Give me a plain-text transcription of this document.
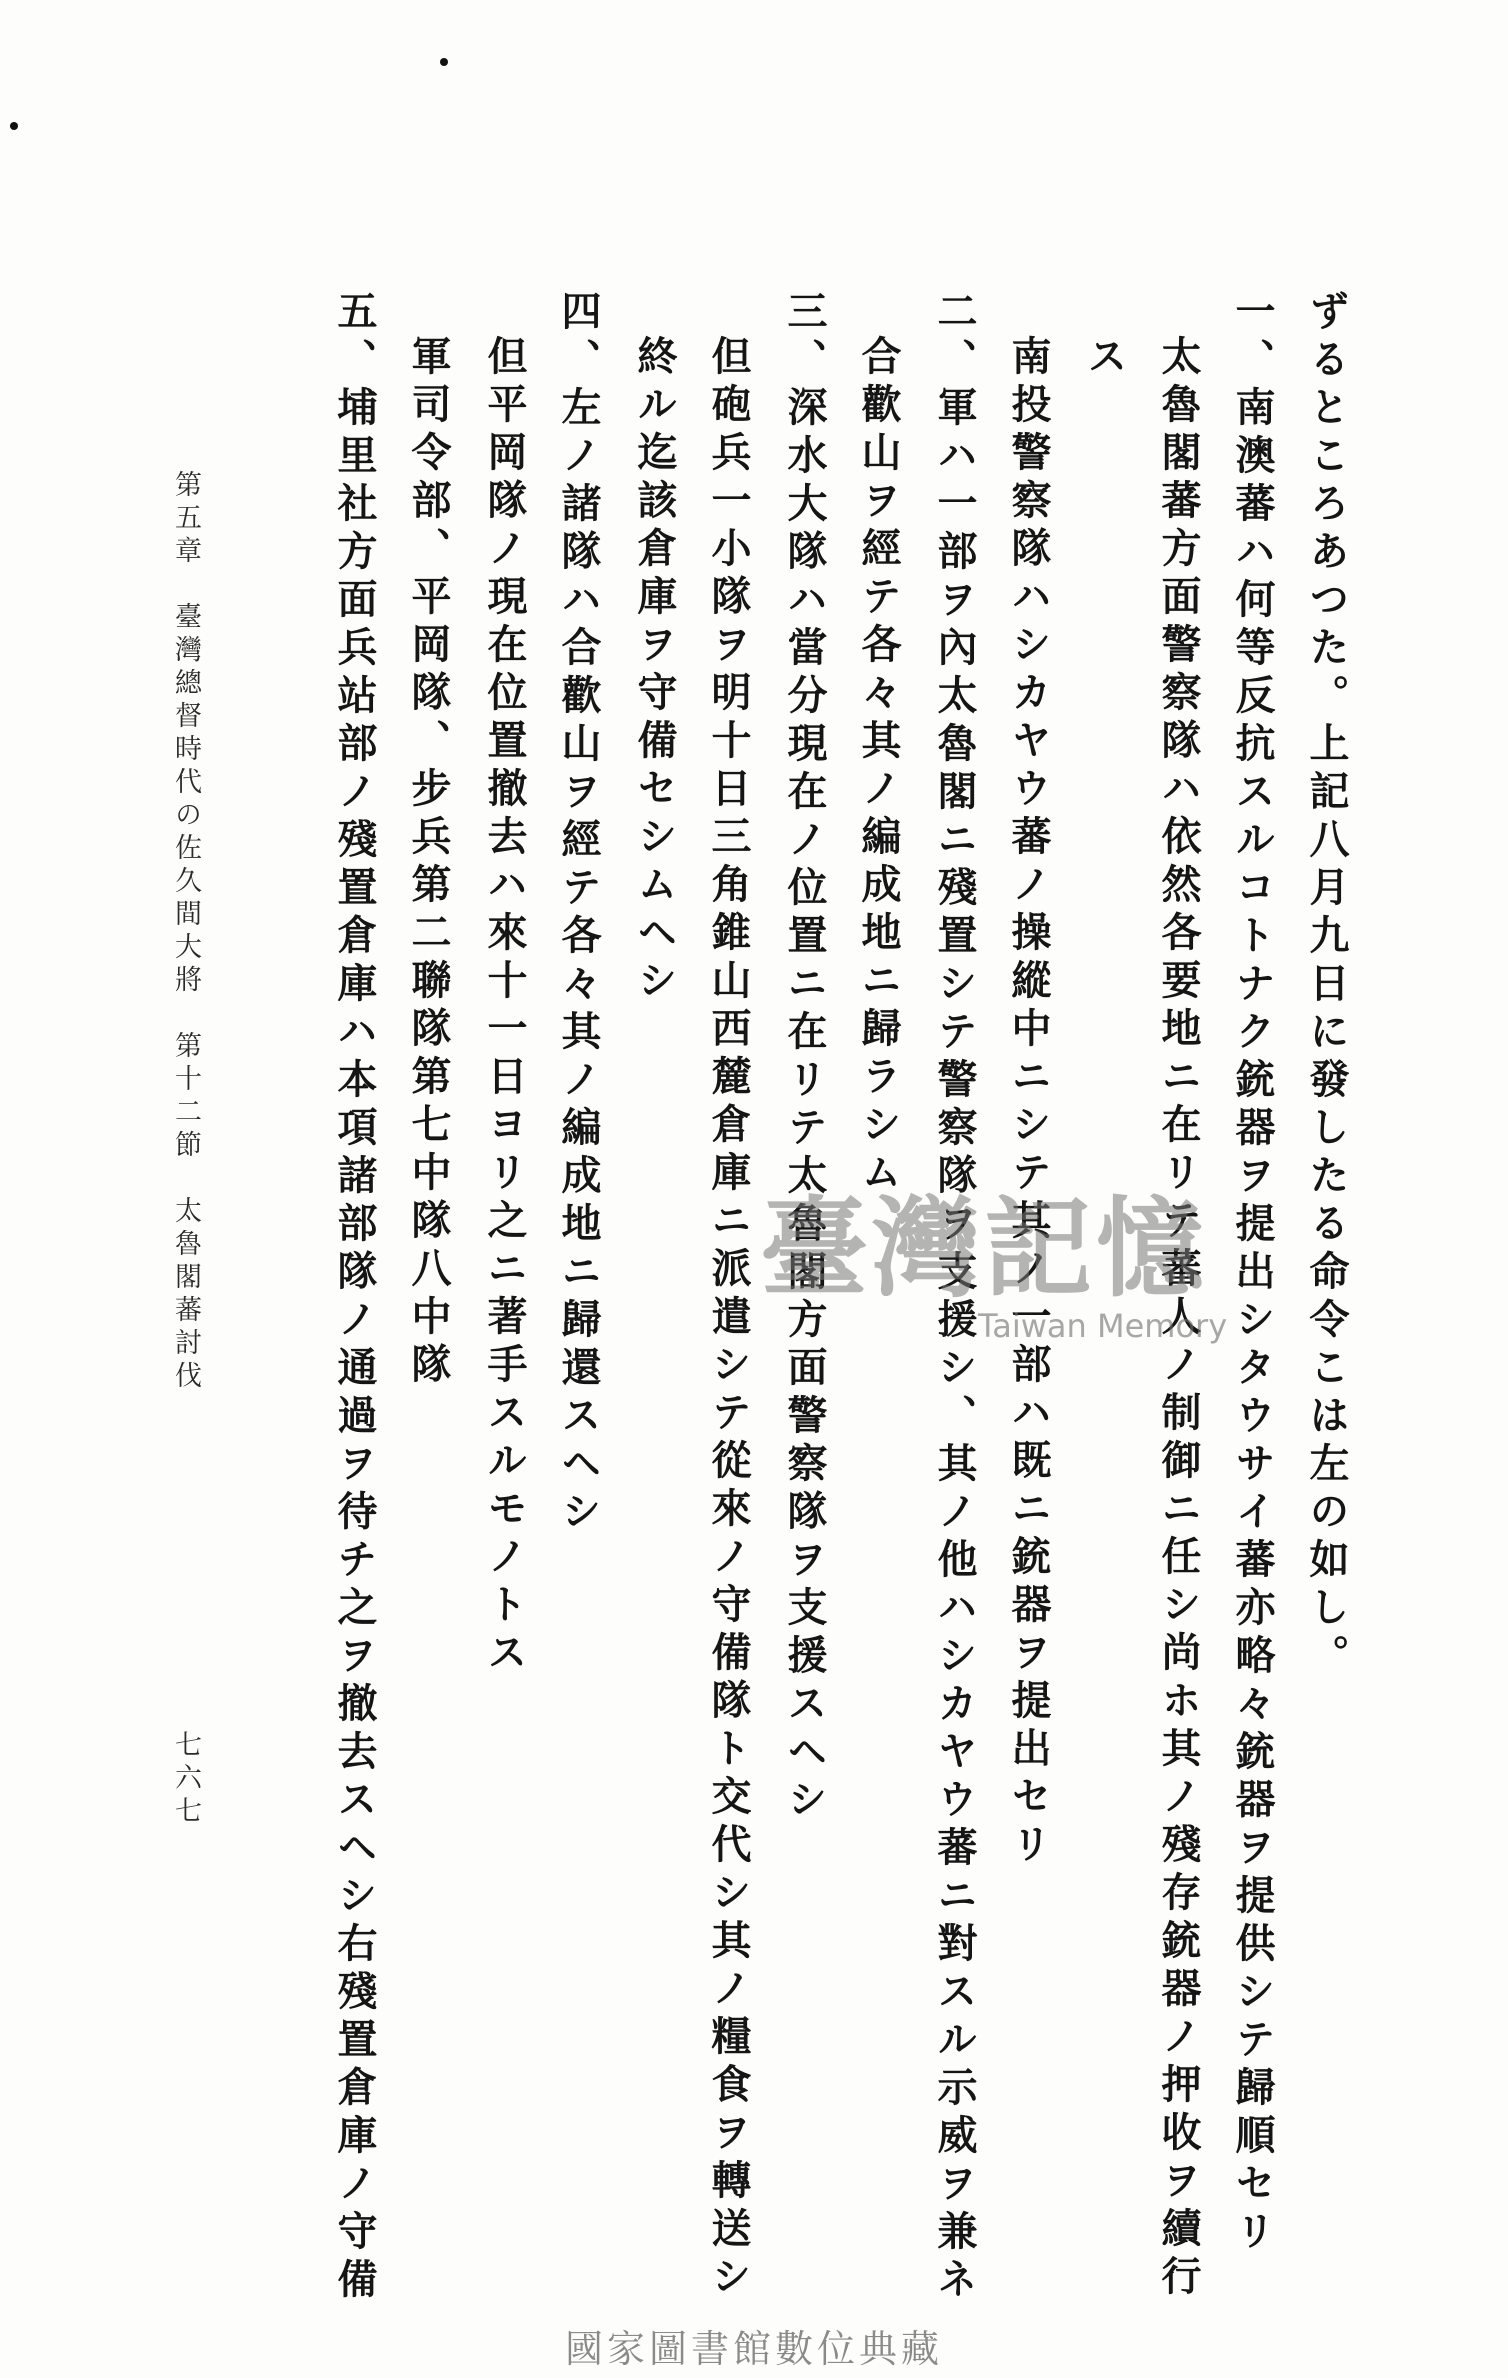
ずるところあつた。上記八月九日に發したる命令こは左の如し。
一、南澳蕃ハ何等反抗スルコトナク銃器ヲ提出シタウサイ蕃亦略々銃器ヲ提供シテ歸順セリ
太魯閣蕃方面警察隊ハ依然各要地ニ在リテ蕃人ノ制御ニ任シ尚ホ其ノ殘存銃器ノ押收ヲ續行
ス
南投警察隊ハシカヤウ蕃ノ操縱中ニシテ其ノ一部ハ既ニ銃器ヲ提出セリ
二、軍ハ一部ヲ內太魯閣ニ殘置シテ警察隊ヲ支援シ、其ノ他ハシカヤウ蕃ニ對スル示威ヲ兼ネ
合歡山ヲ經テ各々其ノ編成地ニ歸ラシム
三、深水大隊ハ當分現在ノ位置ニ在リテ太魯閣方面警察隊ヲ支援スヘシ
但砲兵一小隊ヲ明十日三角錐山西麓倉庫ニ派遣シテ從來ノ守備隊ト交代シ其ノ糧食ヲ轉送シ
終ル迄該倉庫ヲ守備セシムヘシ
四、左ノ諸隊ハ合歡山ヲ經テ各々其ノ編成地ニ歸還スヘシ
但平岡隊ノ現在位置撤去ハ來十一日ヨリ之ニ著手スルモノトス
軍司令部、平岡隊、步兵第二聯隊第七中隊八中隊
五、埔里社方面兵站部ノ殘置倉庫ハ本項諸部隊ノ通過ヲ待チ之ヲ撤去スヘシ右殘置倉庫ノ守備
第五章　臺灣總督時代の佐久間大將　第十二節　太魯閣蕃討伐
七六七
臺灣記憶
Taiwan Memory
國家圖書館數位典藏
